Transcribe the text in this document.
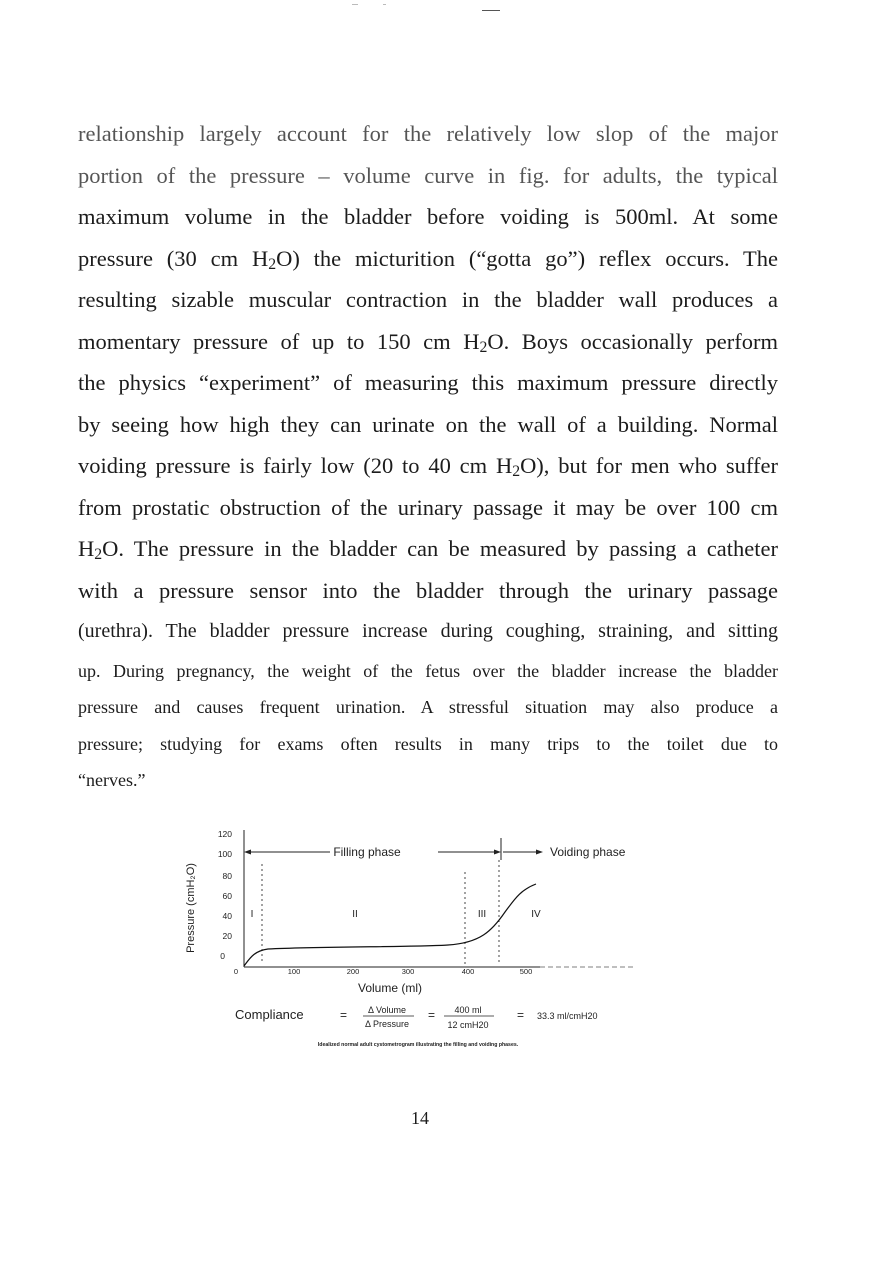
relationship largely account for the relatively low slop of the major

portion of the pressure – volume curve in fig. for adults, the typical

maximum volume in the bladder before voiding is 500ml. At some

pressure (30 cm $H_2O$) the micturition (“gotta go”) reflex occurs. The

resulting sizable muscular contraction in the bladder wall produces a

momentary pressure of up to 150 cm $H_2O$. Boys occasionally perform

the physics “experiment” of measuring this maximum pressure directly

by seeing how high they can urinate on the wall of a building. Normal

voiding pressure is fairly low (20 to 40 cm $H_2O$), but for men who suffer

from prostatic obstruction of the urinary passage it may be over 100 cm

$H_2O$. The pressure in the bladder can be measured by passing a catheter

with a pressure sensor into the bladder through the urinary passage

(urethra). The bladder pressure increase during coughing, straining, and sitting

up. During pregnancy, the weight of the fetus over the bladder increase the bladder

pressure and causes frequent urination. A stressful situation may also produce a

pressure; studying for exams often results in many trips to the toilet due to

“nerves.”

Pressure (cmH₂O)
120
100
80
60
40
20
0
0	100	200	300	400	500
Volume (ml)
Filling phase	Voiding phase
I	II	III	IV
Compliance	= Δ Volume
Δ Pressure
= 400 ml
12 cmH20
= 33.3 ml/cmH20
Idealized normal adult cystometrogram illustrating the filling and voiding phases.
14
